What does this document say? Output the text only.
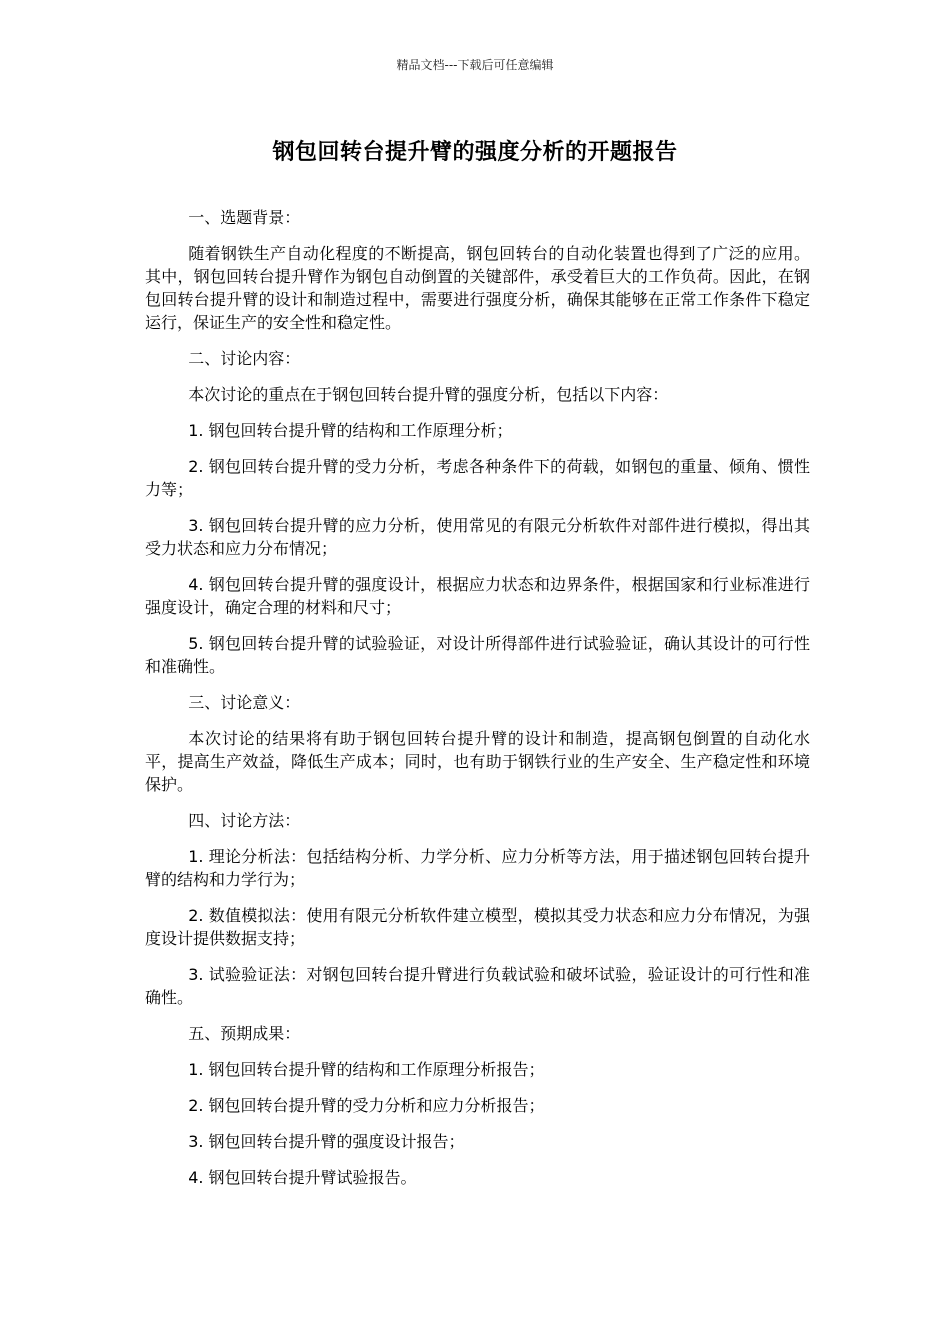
精品文档---下载后可任意编辑
钢包回转台提升臂的强度分析的开题报告

一、选题背景：

随着钢铁生产自动化程度的不断提高，钢包回转台的自动化装置也得到了广泛的应用。其中，钢包回转台提升臂作为钢包自动倒置的关键部件，承受着巨大的工作负荷。因此，在钢包回转台提升臂的设计和制造过程中，需要进行强度分析，确保其能够在正常工作条件下稳定运行，保证生产的安全性和稳定性。

二、讨论内容：

本次讨论的重点在于钢包回转台提升臂的强度分析，包括以下内容：

1. 钢包回转台提升臂的结构和工作原理分析；

2. 钢包回转台提升臂的受力分析，考虑各种条件下的荷载，如钢包的重量、倾角、惯性力等；

3. 钢包回转台提升臂的应力分析，使用常见的有限元分析软件对部件进行模拟，得出其受力状态和应力分布情况；

4. 钢包回转台提升臂的强度设计，根据应力状态和边界条件，根据国家和行业标准进行强度设计，确定合理的材料和尺寸；

5. 钢包回转台提升臂的试验验证，对设计所得部件进行试验验证，确认其设计的可行性和准确性。

三、讨论意义：

本次讨论的结果将有助于钢包回转台提升臂的设计和制造，提高钢包倒置的自动化水平，提高生产效益，降低生产成本；同时，也有助于钢铁行业的生产安全、生产稳定性和环境保护。

四、讨论方法：

1. 理论分析法：包括结构分析、力学分析、应力分析等方法，用于描述钢包回转台提升臂的结构和力学行为；

2. 数值模拟法：使用有限元分析软件建立模型，模拟其受力状态和应力分布情况，为强度设计提供数据支持；

3. 试验验证法：对钢包回转台提升臂进行负载试验和破坏试验，验证设计的可行性和准确性。

五、预期成果：

1. 钢包回转台提升臂的结构和工作原理分析报告；

2. 钢包回转台提升臂的受力分析和应力分析报告；

3. 钢包回转台提升臂的强度设计报告；

4. 钢包回转台提升臂试验报告。
